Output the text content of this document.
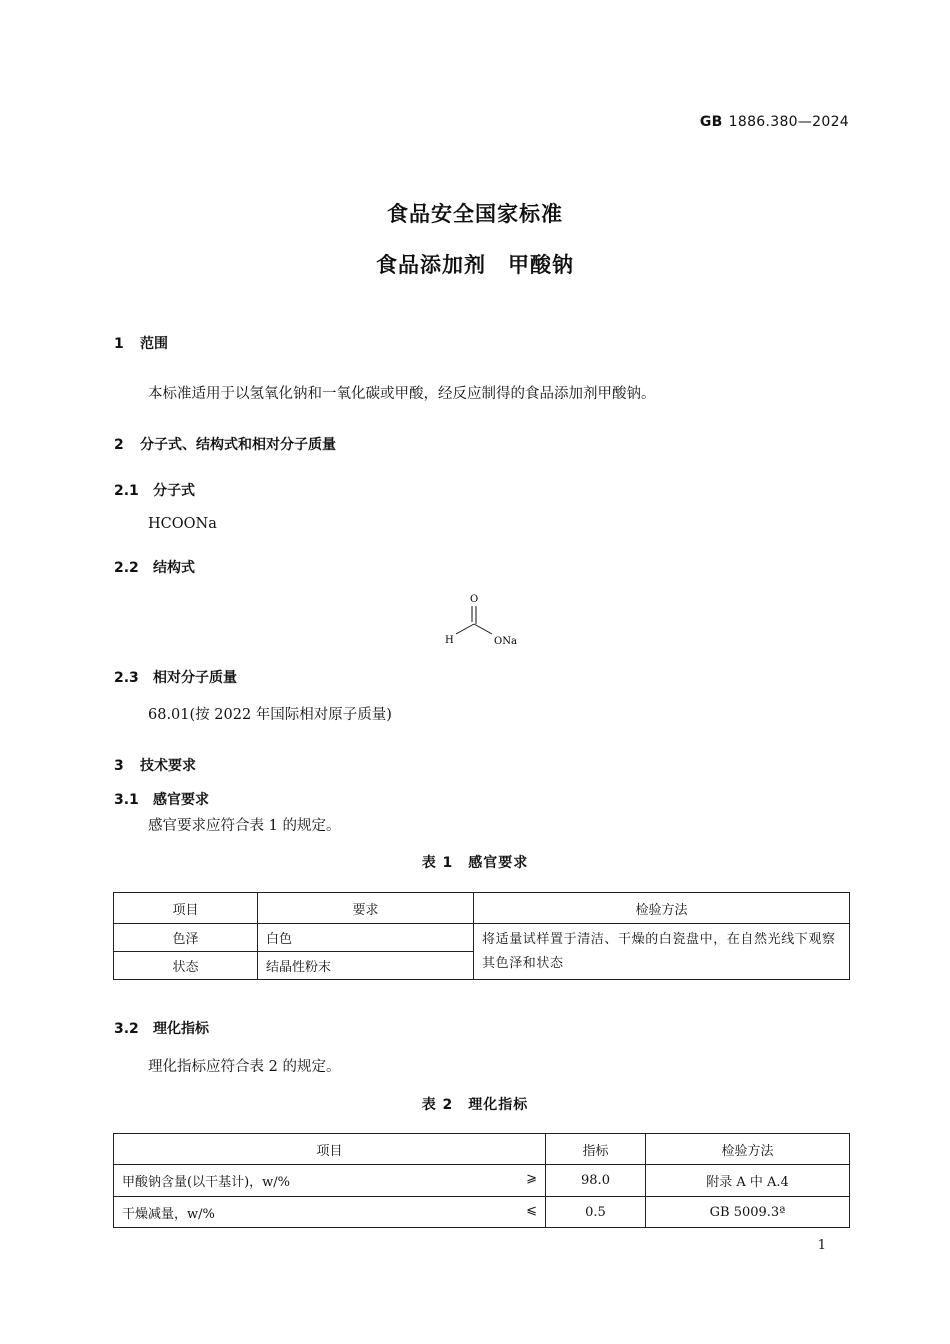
GB 1886.380—2024
食品安全国家标准
食品添加剂　甲酸钠
1 范围
本标准适用于以氢氧化钠和一氧化碳或甲酸，经反应制得的食品添加剂甲酸钠。
2 分子式、结构式和相对分子质量
2.1 分子式
HCOONa
2.2 结构式
O
H	ONa
2.3 相对分子质量
68.01(按 2022 年国际相对原子质量)
3 技术要求
3.1 感官要求
感官要求应符合表 1 的规定。
表 1　感官要求
项目	要求	检验方法
色泽	白色	将适量试样置于清洁、干燥的白瓷盘中，在自然光线下观察其色泽和状态
状态	结晶性粉末	
3.2 理化指标
理化指标应符合表 2 的规定。
表 2　理化指标
项目	指标	检验方法
甲酸钠含量(以干基计)，w/% ⩾	98.0	附录 A 中 A.4
干燥减量，w/% ⩽	0.5	GB 5009.3ª
1
